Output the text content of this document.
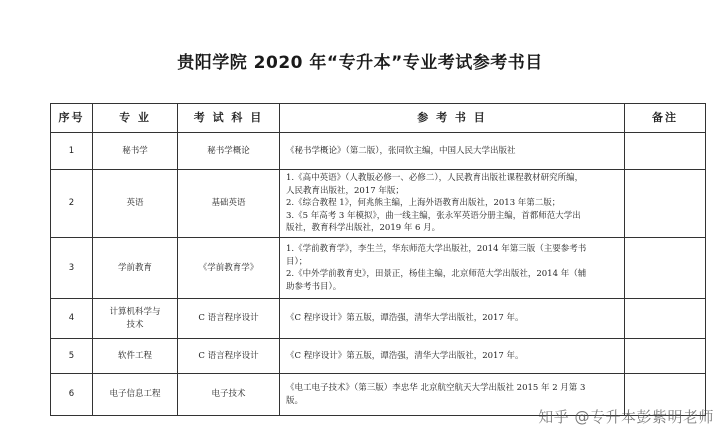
贵阳学院 2020 年“专升本”专业考试参考书目
序号	专 业	考 试 科 目	参 考 书 目	备注
1	秘书学	秘书学概论	《秘书学概论》（第二版），张同钦主编，中国人民大学出版社	

2	英语	基础英语	1.《高中英语》（人教版必修一、必修二），人民教育出版社课程教材研究所编，
人民教育出版社，2017 年版；
2.《综合教程 1》，何兆熊主编，上海外语教育出版社，2013 年第二版；
3.《5 年高考 3 年模拟》，曲一线主编，张永军英语分册主编，首都师范大学出
版社，教育科学出版社，2019 年 6 月。	

3	学前教育	《学前教育学》	1.《学前教育学》，李生兰，华东师范大学出版社，2014 年第三版（主要参考书
目）；
2.《中外学前教育史》，田景正，杨佳主编，北京师范大学出版社，2014 年（辅
助参考书目）。	

4	计算机科学与
技术	C 语言程序设计	《C 程序设计》第五版，谭浩强，清华大学出版社，2017 年。	

5	软件工程	C 语言程序设计	《C 程序设计》第五版，谭浩强，清华大学出版社，2017 年。	

6	电子信息工程	电子技术	《电工电子技术》（第三版）李忠华 北京航空航天大学出版社 2015 年 2 月第 3
版。	

知乎 @专升本彭紫明老师
